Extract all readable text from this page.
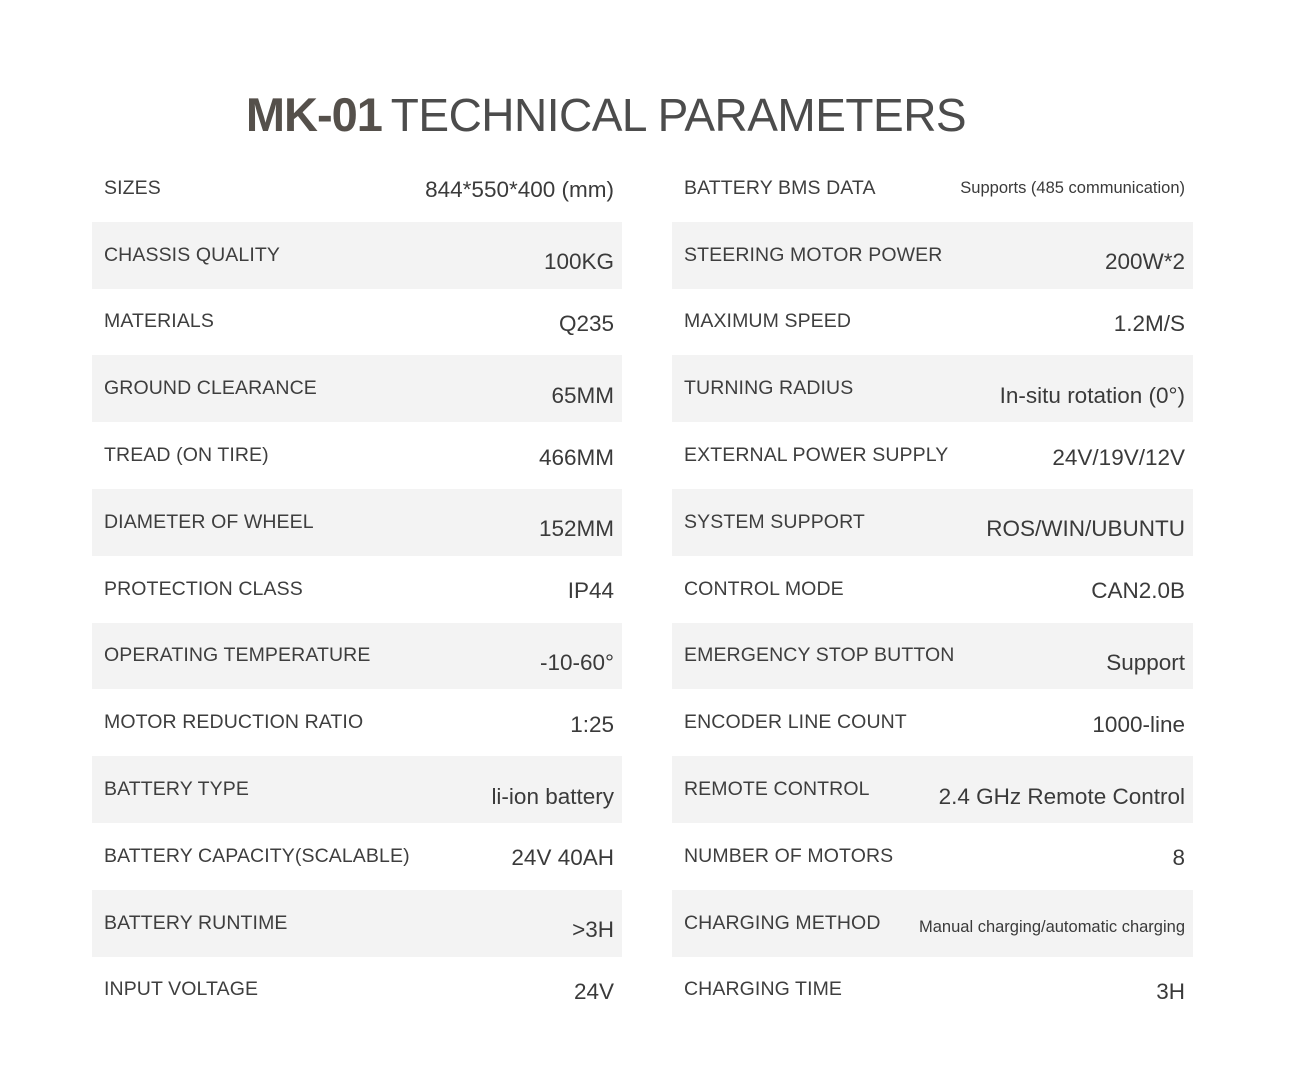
MK-01 TECHNICAL PARAMETERS
SIZES	844*550*400 (mm)
CHASSIS QUALITY	100KG
MATERIALS	Q235
GROUND CLEARANCE	65MM
TREAD (ON TIRE)	466MM
DIAMETER OF WHEEL	152MM
PROTECTION CLASS	IP44
OPERATING TEMPERATURE	-10-60°
MOTOR REDUCTION RATIO	1:25
BATTERY TYPE	li-ion battery
BATTERY CAPACITY(SCALABLE)	24V 40AH
BATTERY RUNTIME	>3H
INPUT VOLTAGE	24V
BATTERY BMS DATA	Supports (485 communication)
STEERING MOTOR POWER	200W*2
MAXIMUM SPEED	1.2M/S
TURNING RADIUS	In-situ rotation (0°)
EXTERNAL POWER SUPPLY	24V/19V/12V
SYSTEM SUPPORT	ROS/WIN/UBUNTU
CONTROL MODE	CAN2.0B
EMERGENCY STOP BUTTON	Support
ENCODER LINE COUNT	1000-line
REMOTE CONTROL	2.4 GHz Remote Control
NUMBER OF MOTORS	8
CHARGING METHOD Manual charging/automatic charging
CHARGING TIME	3H
